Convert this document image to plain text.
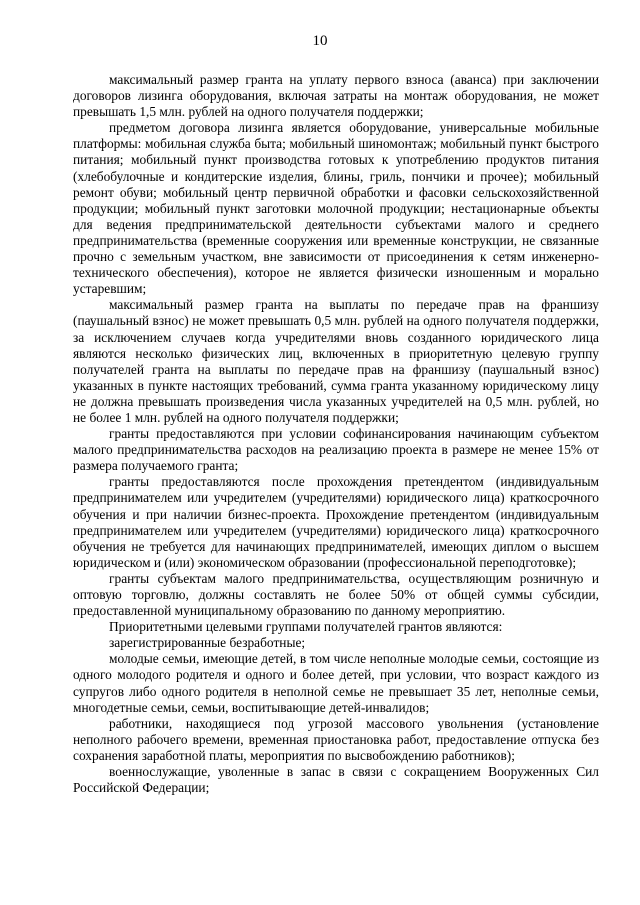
10

максимальный размер гранта на уплату первого взноса (аванса) при заключении договоров лизинга оборудования, включая затраты на монтаж оборудования, не может превышать 1,5 млн. рублей на одного получателя поддержки;

предметом договора лизинга является оборудование, универсальные мобильные платформы: мобильная служба быта; мобильный шиномонтаж; мобильный пункт быстрого питания; мобильный пункт производства готовых к употреблению продуктов питания (хлебобулочные и кондитерские изделия, блины, гриль, пончики и прочее); мобильный ремонт обуви; мобильный центр первичной обработки и фасовки сельскохозяйственной продукции; мобильный пункт заготовки молочной продукции; нестационарные объекты для ведения предпринимательской деятельности субъектами малого и среднего предпринимательства (временные сооружения или временные конструкции, не связанные прочно с земельным участком, вне зависимости от присоединения к сетям инженерно-технического обеспечения), которое не является физически изношенным и морально устаревшим;

максимальный размер гранта на выплаты по передаче прав на франшизу (паушальный взнос) не может превышать 0,5 млн. рублей на одного получателя поддержки, за исключением случаев когда учредителями вновь созданного юридического лица являются несколько физических лиц, включенных в приоритетную целевую группу получателей гранта на выплаты по передаче прав на франшизу (паушальный взнос) указанных в пункте настоящих требований, сумма гранта указанному юридическому лицу не должна превышать произведения числа указанных учредителей на 0,5 млн. рублей, но не более 1 млн. рублей на одного получателя поддержки;

гранты предоставляются при условии софинансирования начинающим субъектом малого предпринимательства расходов на реализацию проекта в размере не менее 15% от размера получаемого гранта;

гранты предоставляются после прохождения претендентом (индивидуальным предпринимателем или учредителем (учредителями) юридического лица) краткосрочного обучения и при наличии бизнес-проекта. Прохождение претендентом (индивидуальным предпринимателем или учредителем (учредителями) юридического лица) краткосрочного обучения не требуется для начинающих предпринимателей, имеющих диплом о высшем юридическом и (или) экономическом образовании (профессиональной переподготовке);

гранты субъектам малого предпринимательства, осуществляющим розничную и оптовую торговлю, должны составлять не более 50% от общей суммы субсидии, предоставленной муниципальному образованию по данному мероприятию.

Приоритетными целевыми группами получателей грантов являются:

зарегистрированные безработные;

молодые семьи, имеющие детей, в том числе неполные молодые семьи, состоящие из одного молодого родителя и одного и более детей, при условии, что возраст каждого из супругов либо одного родителя в неполной семье не превышает 35 лет, неполные семьи, многодетные семьи, семьи, воспитывающие детей-инвалидов;

работники, находящиеся под угрозой массового увольнения (установление неполного рабочего времени, временная приостановка работ, предоставление отпуска без сохранения заработной платы, мероприятия по высвобождению работников);

военнослужащие, уволенные в запас в связи с сокращением Вооруженных Сил Российской Федерации;
